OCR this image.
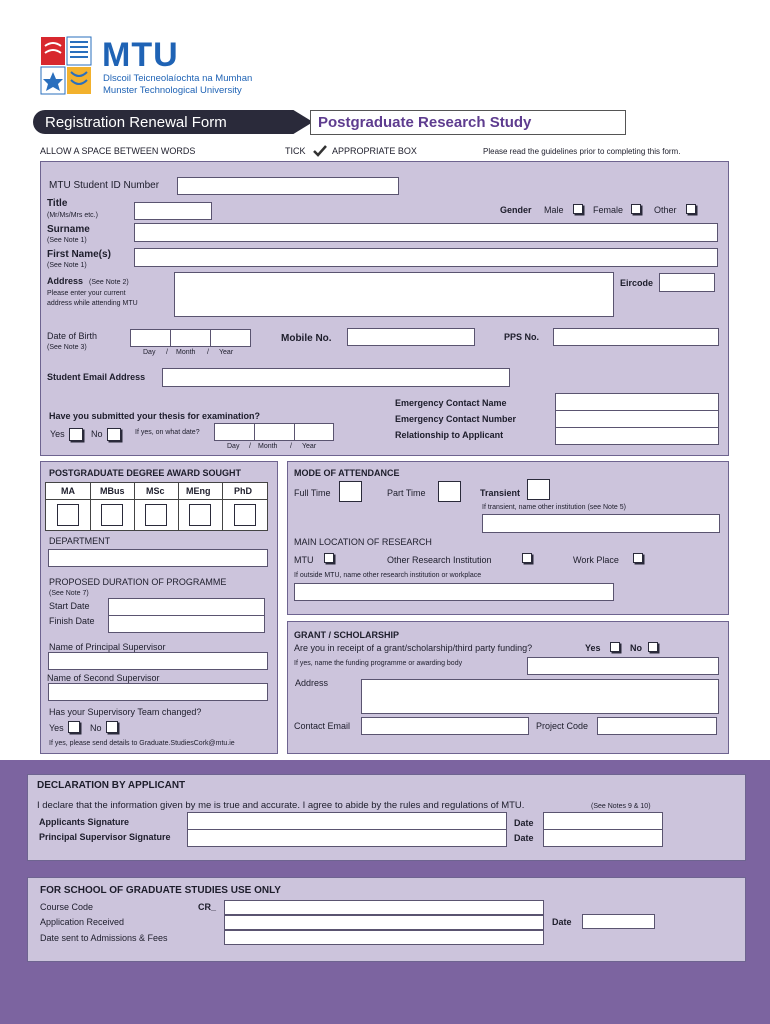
MTU
Dlscoil Teicneolaíochta na Mumhan
Munster Technological University
Registration Renewal Form	Postgraduate Research Study
ALLOW A SPACE BETWEEN WORDS	TICK	APPROPRIATE BOX	Please read the guidelines prior to completing this form.
MTU Student ID Number
Title
(Mr/Ms/Mrs etc.)
Gender Male	Female	Other
Surname
(See Note 1)
First Name(s)
(See Note 1)
Address (See Note 2)
Please enter your current
address while attending MTU
Eircode
Date of Birth
(See Note 3)
Day / Month / Year
Mobile No.	PPS No.
Student Email Address
Emergency Contact Name
Emergency Contact Number
Relationship to Applicant
Have you submitted your thesis for examination?
Yes	No	If yes, on what date?
Day / Month / Year
POSTGRADUATE DEGREE AWARD SOUGHT
MA	MBus MSc MEng	PhD
DEPARTMENT
PROPOSED DURATION OF PROGRAMME
(See Note 7)
Start Date
Finish Date
Name of Principal Supervisor
Name of Second Supervisor
Has your Supervisory Team changed?
Yes	No
If yes, please send details to Graduate.StudiesCork@mtu.ie
MODE OF ATTENDANCE
Full Time	Part Time	Transient
If transient, name other institution (see Note 5)
MAIN LOCATION OF RESEARCH
MTU	Other Research Institution	Work Place
If outside MTU, name other research institution or workplace
GRANT / SCHOLARSHIP
Are you in receipt of a grant/scholarship/third party funding?	Yes	No
If yes, name the funding programme or awarding body
Address
Contact Email	Project Code
DECLARATION BY APPLICANT
I declare that the information given by me is true and accurate. I agree to abide by the rules and regulations of MTU.	(See Notes 9 & 10)
Applicants Signature	Date
Principal Supervisor Signature	Date
FOR SCHOOL OF GRADUATE STUDIES USE ONLY
Course Code	CR_
Application Received	Date
Date sent to Admissions & Fees
